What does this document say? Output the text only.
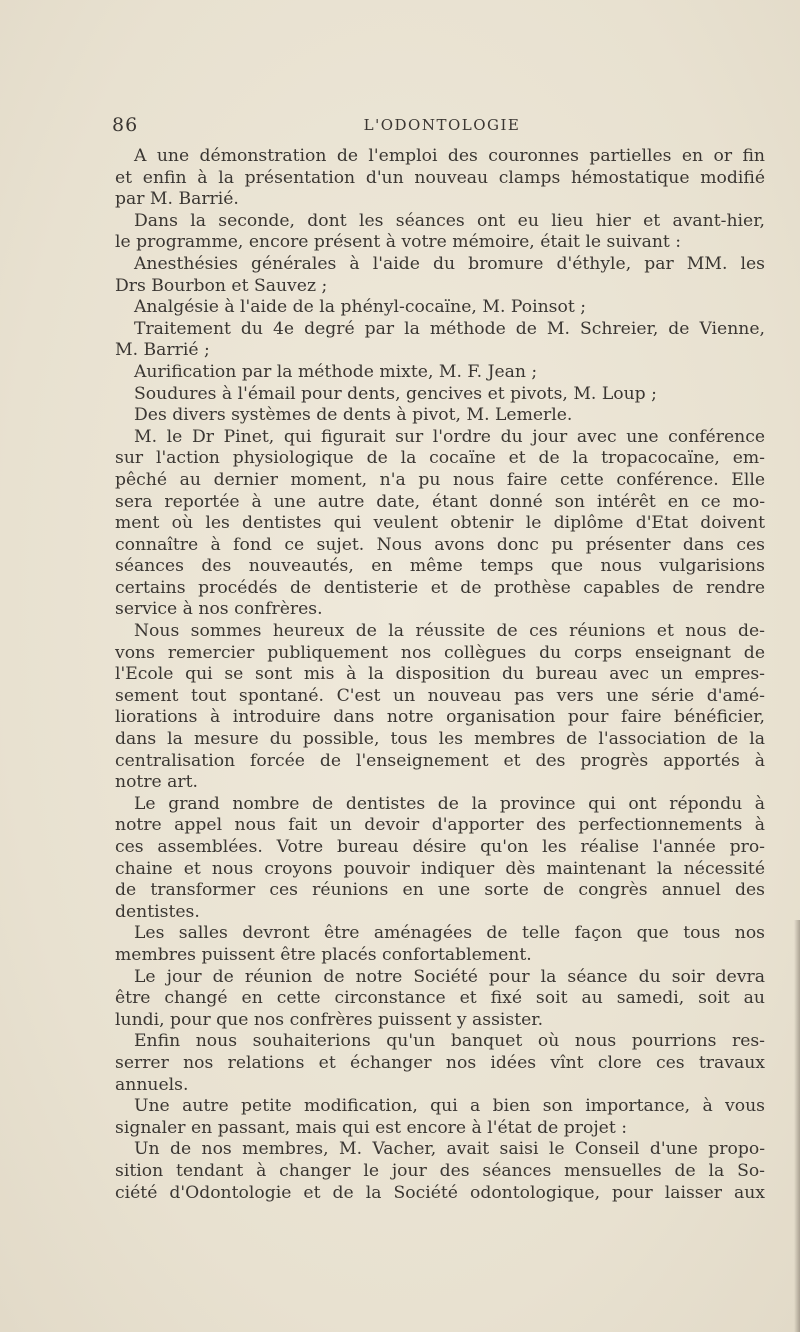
86	L'ODONTOLOGIE
A une démonstration de l'emploi des couronnes partielles en or fin
et enfin à la présentation d'un nouveau clamps hémostatique modifié
par M. Barrié.
Dans la seconde, dont les séances ont eu lieu hier et avant-hier,
le programme, encore présent à votre mémoire, était le suivant :
Anesthésies générales à l'aide du bromure d'éthyle, par MM. les
Drs Bourbon et Sauvez ;
Analgésie à l'aide de la phényl-cocaïne, M. Poinsot ;
Traitement du 4e degré par la méthode de M. Schreier, de Vienne,
M. Barrié ;
Aurification par la méthode mixte, M. F. Jean ;
Soudures à l'émail pour dents, gencives et pivots, M. Loup ;
Des divers systèmes de dents à pivot, M. Lemerle.
M. le Dr Pinet, qui figurait sur l'ordre du jour avec une conférence
sur l'action physiologique de la cocaïne et de la tropacocaïne, em-
pêché au dernier moment, n'a pu nous faire cette conférence. Elle
sera reportée à une autre date, étant donné son intérêt en ce mo-
ment où les dentistes qui veulent obtenir le diplôme d'Etat doivent
connaître à fond ce sujet. Nous avons donc pu présenter dans ces
séances des nouveautés, en même temps que nous vulgarisions
certains procédés de dentisterie et de prothèse capables de rendre
service à nos confrères.
Nous sommes heureux de la réussite de ces réunions et nous de-
vons remercier publiquement nos collègues du corps enseignant de
l'Ecole qui se sont mis à la disposition du bureau avec un empres-
sement tout spontané. C'est un nouveau pas vers une série d'amé-
liorations à introduire dans notre organisation pour faire bénéficier,
dans la mesure du possible, tous les membres de l'association de la
centralisation forcée de l'enseignement et des progrès apportés à
notre art.
Le grand nombre de dentistes de la province qui ont répondu à
notre appel nous fait un devoir d'apporter des perfectionnements à
ces assemblées. Votre bureau désire qu'on les réalise l'année pro-
chaine et nous croyons pouvoir indiquer dès maintenant la nécessité
de transformer ces réunions en une sorte de congrès annuel des
dentistes.
Les salles devront être aménagées de telle façon que tous nos
membres puissent être placés confortablement.
Le jour de réunion de notre Société pour la séance du soir devra
être changé en cette circonstance et fixé soit au samedi, soit au
lundi, pour que nos confrères puissent y assister.
Enfin nous souhaiterions qu'un banquet où nous pourrions res-
serrer nos relations et échanger nos idées vînt clore ces travaux
annuels.
Une autre petite modification, qui a bien son importance, à vous
signaler en passant, mais qui est encore à l'état de projet :
Un de nos membres, M. Vacher, avait saisi le Conseil d'une propo-
sition tendant à changer le jour des séances mensuelles de la So-
ciété d'Odontologie et de la Société odontologique, pour laisser aux
